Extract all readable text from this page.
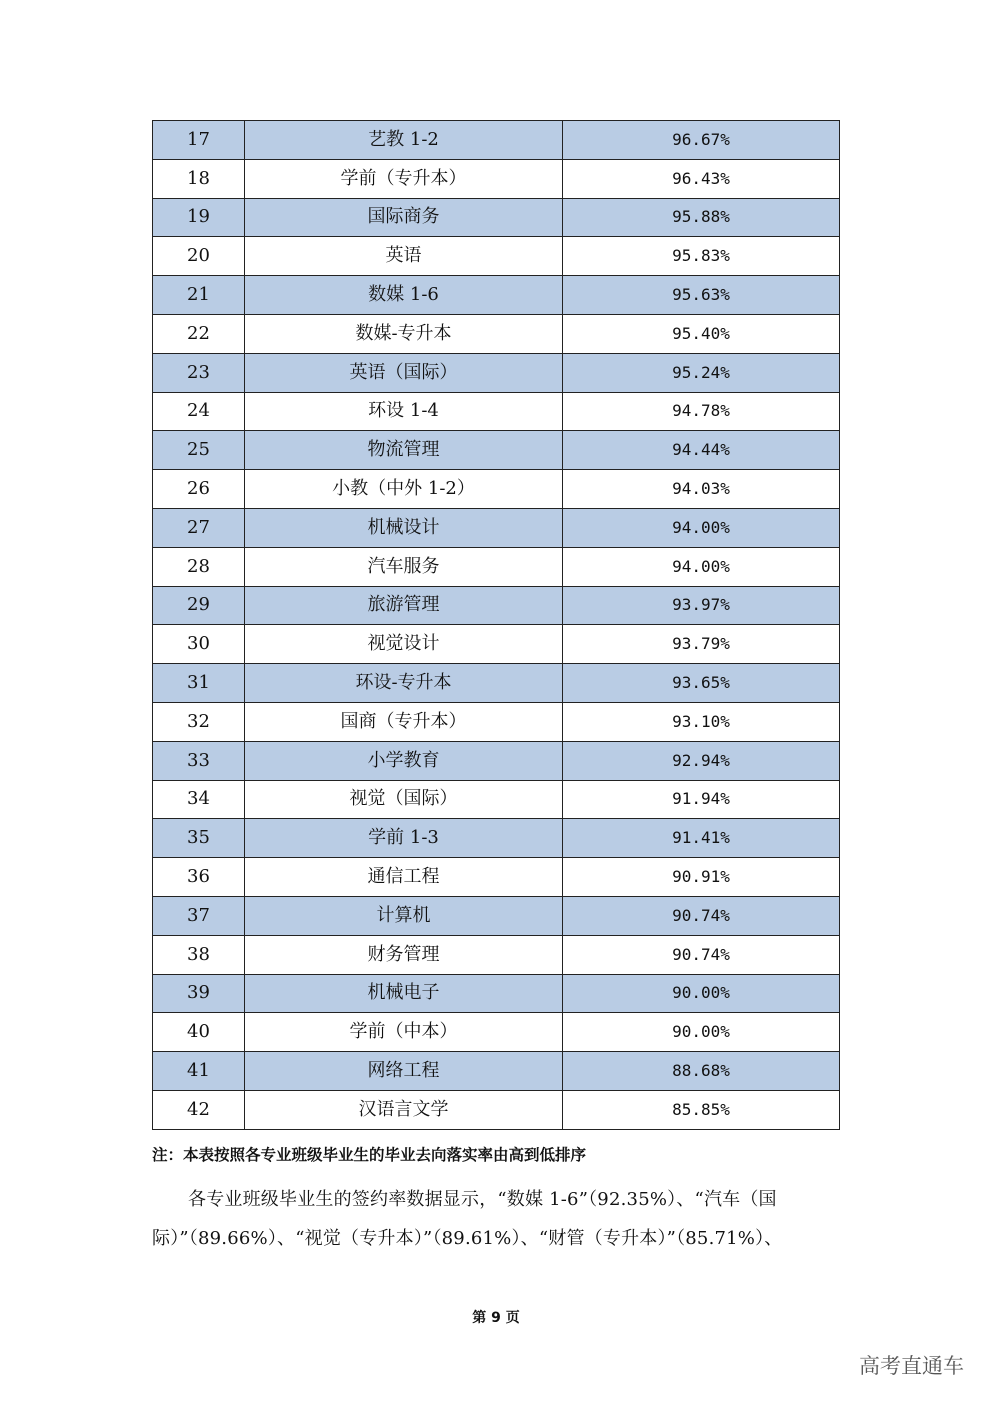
17	艺教 1-2	96.67%
18	学前（专升本）	96.43%
19	国际商务	95.88%
20	英语	95.83%
21	数媒 1-6	95.63%
22	数媒-专升本	95.40%
23	英语（国际）	95.24%
24	环设 1-4	94.78%
25	物流管理	94.44%
26	小教（中外 1-2）	94.03%
27	机械设计	94.00%
28	汽车服务	94.00%
29	旅游管理	93.97%
30	视觉设计	93.79%
31	环设-专升本	93.65%
32	国商（专升本）	93.10%
33	小学教育	92.94%
34	视觉（国际）	91.94%
35	学前 1-3	91.41%
36	通信工程	90.91%
37	计算机	90.74%
38	财务管理	90.74%
39	机械电子	90.00%
40	学前（中本）	90.00%
41	网络工程	88.68%
42	汉语言文学	85.85%
注：本表按照各专业班级毕业生的毕业去向落实率由高到低排序
各专业班级毕业生的签约率数据显示，“数媒 1-6”（92.35%）、“汽车（国
际）”（89.66%）、“视觉（专升本）”（89.61%）、“财管（专升本）”（85.71%）、
第 9 页
高考直通车
